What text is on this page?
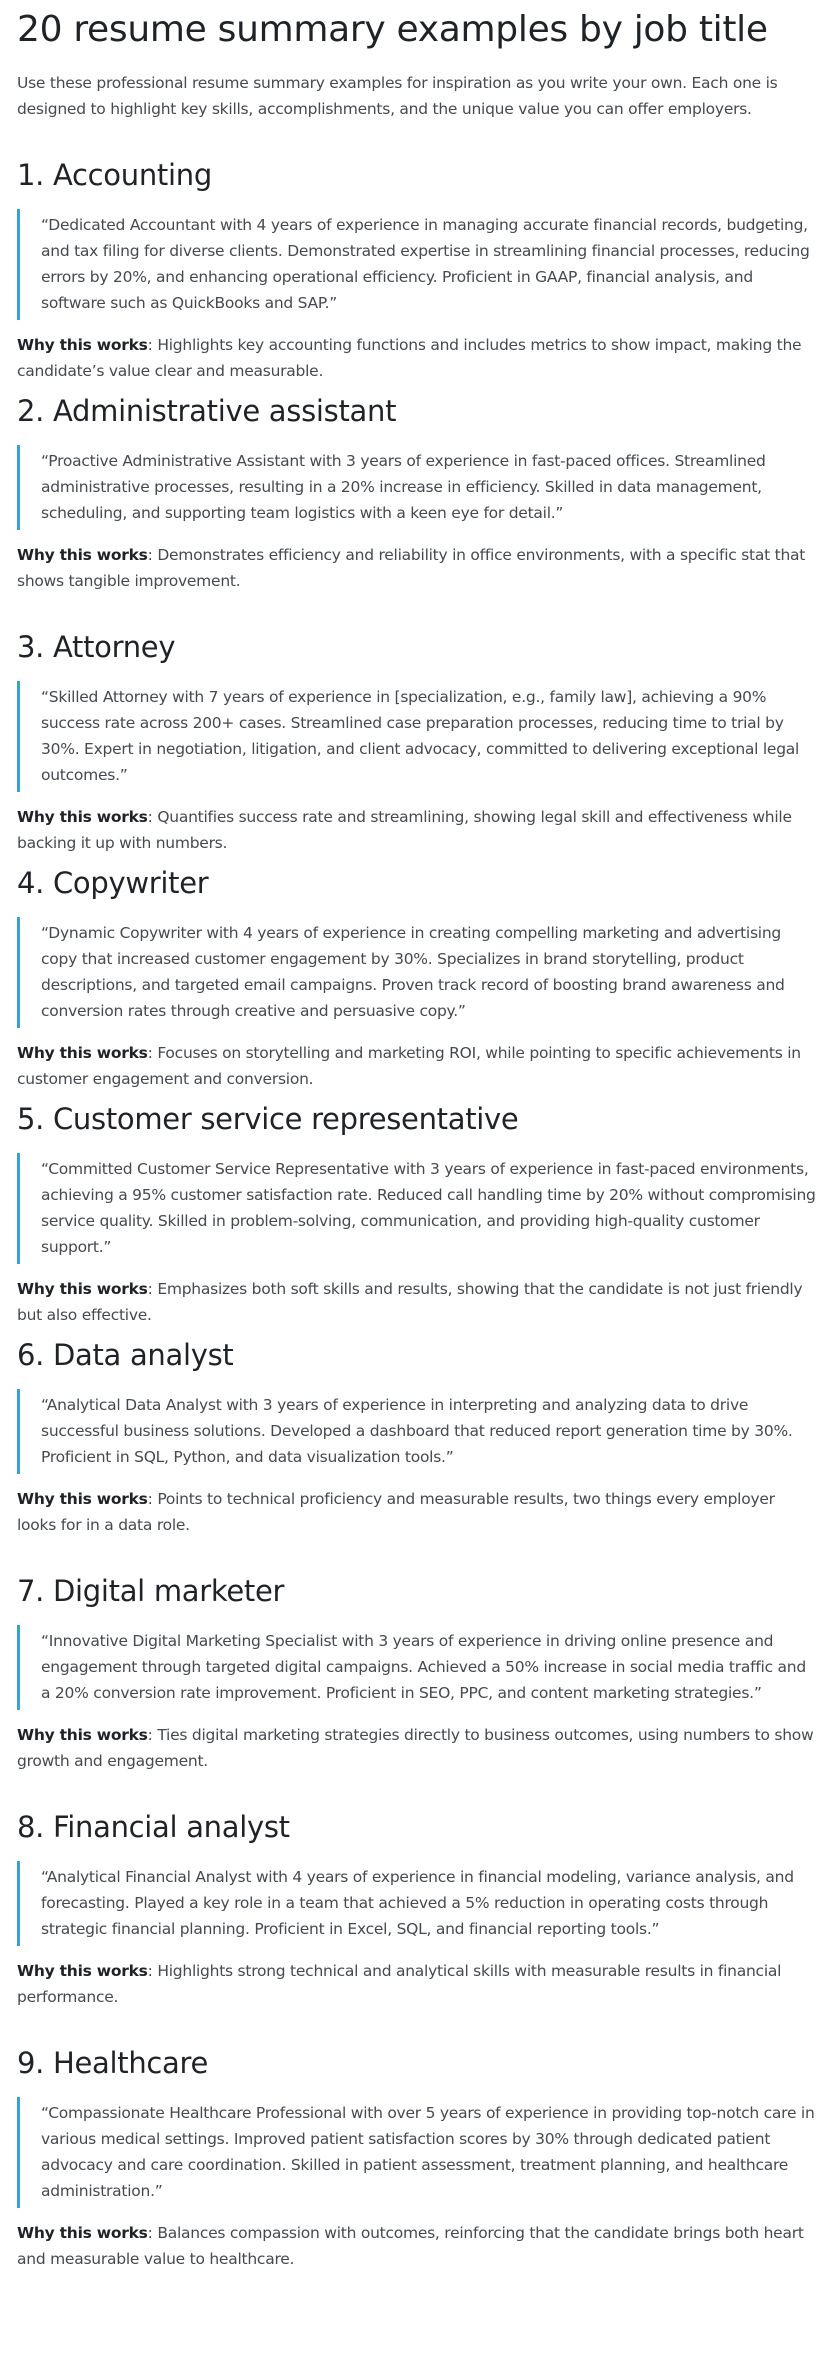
20 resume summary examples by job title

Use these professional resume summary examples for inspiration as you write your own. Each one is designed to highlight key skills, accomplishments, and the unique value you can offer employers.

1. Accounting
“Dedicated Accountant with 4 years of experience in managing accurate financial records, budgeting, and tax filing for diverse clients. Demonstrated expertise in streamlining financial processes, reducing errors by 20%, and enhancing operational efficiency. Proficient in GAAP, financial analysis, and software such as QuickBooks and SAP.”

Why this works: Highlights key accounting functions and includes metrics to show impact, making the candidate’s value clear and measurable.

2. Administrative assistant
“Proactive Administrative Assistant with 3 years of experience in fast-paced offices. Streamlined administrative processes, resulting in a 20% increase in efficiency. Skilled in data management, scheduling, and supporting team logistics with a keen eye for detail.”

Why this works: Demonstrates efficiency and reliability in office environments, with a specific stat that shows tangible improvement.

3. Attorney
“Skilled Attorney with 7 years of experience in [specialization, e.g., family law], achieving a 90% success rate across 200+ cases. Streamlined case preparation processes, reducing time to trial by 30%. Expert in negotiation, litigation, and client advocacy, committed to delivering exceptional legal outcomes.”

Why this works: Quantifies success rate and streamlining, showing legal skill and effectiveness while backing it up with numbers.

4. Copywriter
“Dynamic Copywriter with 4 years of experience in creating compelling marketing and advertising copy that increased customer engagement by 30%. Specializes in brand storytelling, product descriptions, and targeted email campaigns. Proven track record of boosting brand awareness and conversion rates through creative and persuasive copy.”

Why this works: Focuses on storytelling and marketing ROI, while pointing to specific achievements in customer engagement and conversion.

5. Customer service representative
“Committed Customer Service Representative with 3 years of experience in fast-paced environments, achieving a 95% customer satisfaction rate. Reduced call handling time by 20% without compromising service quality. Skilled in problem-solving, communication, and providing high-quality customer support.”

Why this works: Emphasizes both soft skills and results, showing that the candidate is not just friendly but also effective.

6. Data analyst
“Analytical Data Analyst with 3 years of experience in interpreting and analyzing data to drive successful business solutions. Developed a dashboard that reduced report generation time by 30%. Proficient in SQL, Python, and data visualization tools.”

Why this works: Points to technical proficiency and measurable results, two things every employer looks for in a data role.

7. Digital marketer
“Innovative Digital Marketing Specialist with 3 years of experience in driving online presence and engagement through targeted digital campaigns. Achieved a 50% increase in social media traffic and a 20% conversion rate improvement. Proficient in SEO, PPC, and content marketing strategies.”

Why this works: Ties digital marketing strategies directly to business outcomes, using numbers to show growth and engagement.

8. Financial analyst
“Analytical Financial Analyst with 4 years of experience in financial modeling, variance analysis, and forecasting. Played a key role in a team that achieved a 5% reduction in operating costs through strategic financial planning. Proficient in Excel, SQL, and financial reporting tools.”

Why this works: Highlights strong technical and analytical skills with measurable results in financial performance.

9. Healthcare
“Compassionate Healthcare Professional with over 5 years of experience in providing top-notch care in various medical settings. Improved patient satisfaction scores by 30% through dedicated patient advocacy and care coordination. Skilled in patient assessment, treatment planning, and healthcare administration.”

Why this works: Balances compassion with outcomes, reinforcing that the candidate brings both heart and measurable value to healthcare.
